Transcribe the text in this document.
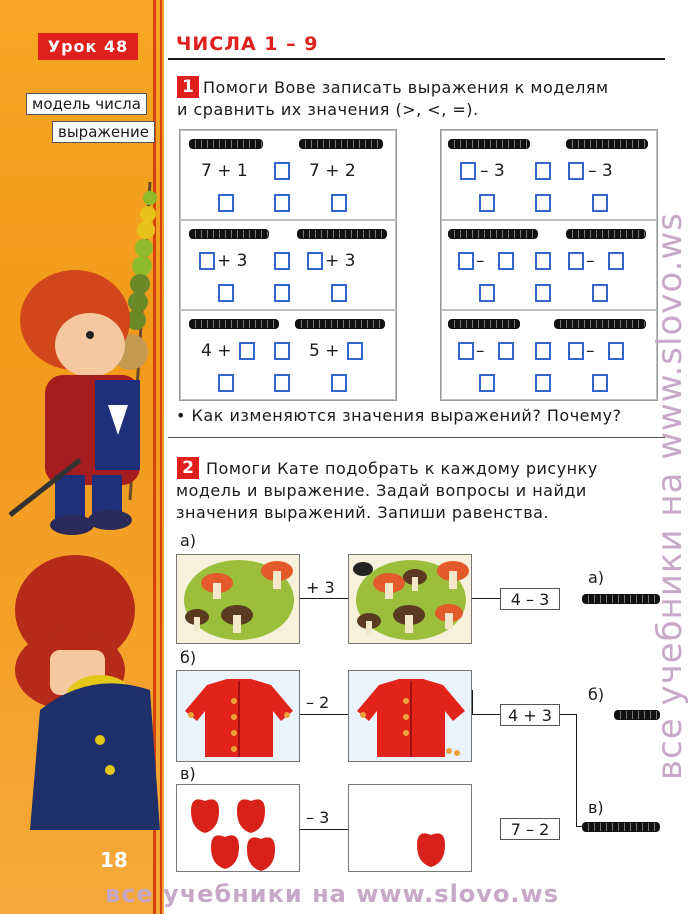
Урок 48	ЧИСЛА 1 – 9
модель числа
выражение
1 Помоги Вове записать выражения к моделям
и сравнить их значения (>, <, =).
7 + 1	7 + 2
+ 3	+ 3
4 +	5 +
– 3	– 3
–	–
–	–
• Как изменяются значения выражений? Почему?
2 Помоги Кате подобрать к каждому рисунку
модель и выражение. Задай вопросы и найди
значения выражений. Запиши равенства.
а)
+ 3
б)
– 2
в)
– 3
4 – 3
4 + 3
7 – 2
а)
б)
в)
18
все учебники на www.slovo.ws
все учебники на www.slovo.ws
